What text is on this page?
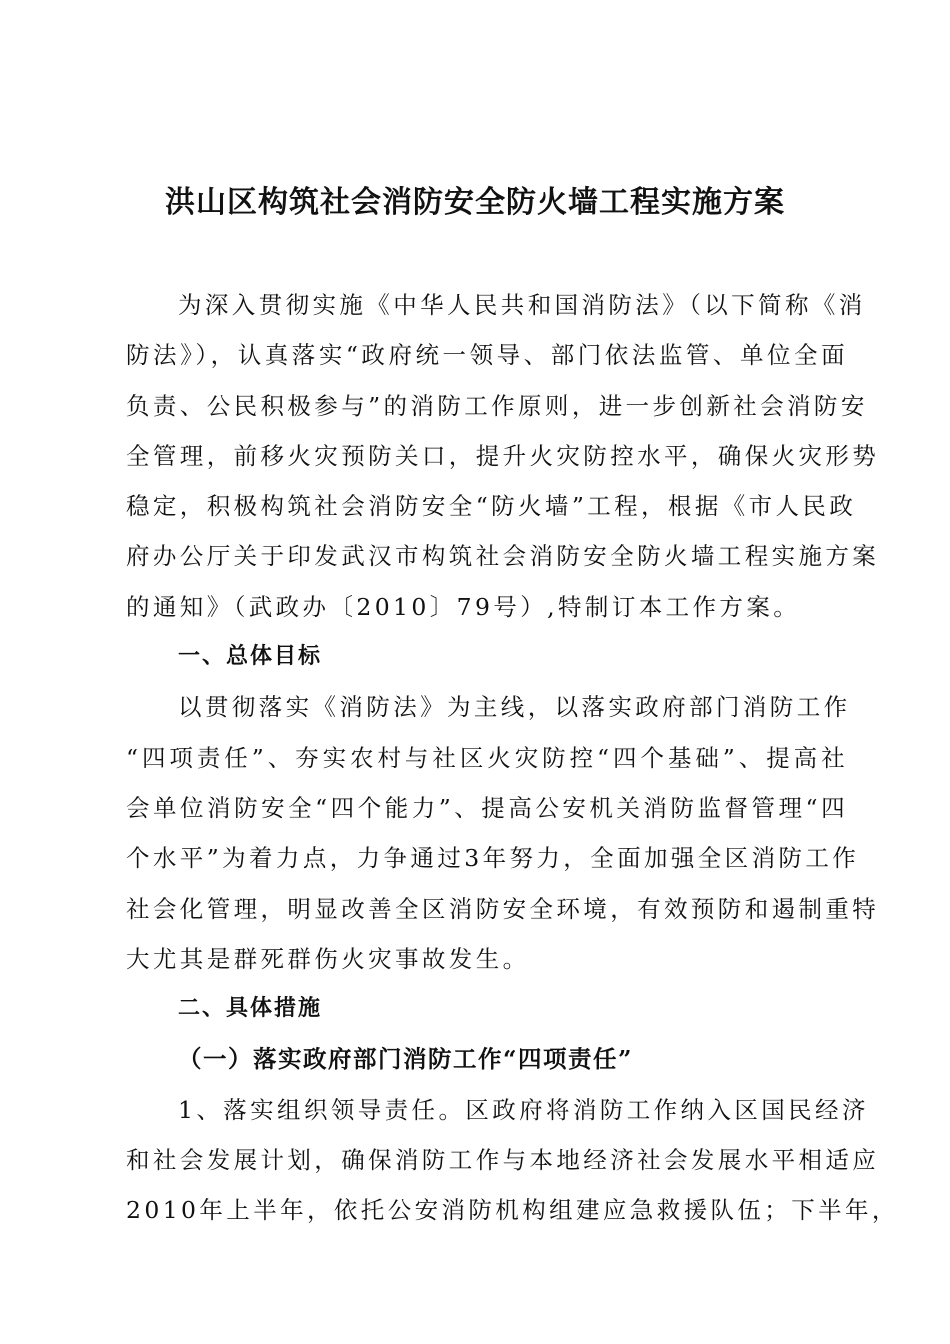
洪山区构筑社会消防安全防火墙工程实施方案
为深入贯彻实施《中华人民共和国消防法》（以下简称《消
防法》），认真落实“政府统一领导、部门依法监管、单位全面
负责、公民积极参与”的消防工作原则，进一步创新社会消防安
全管理，前移火灾预防关口，提升火灾防控水平，确保火灾形势
稳定，积极构筑社会消防安全“防火墙”工程，根据《市人民政
府办公厅关于印发武汉市构筑社会消防安全防火墙工程实施方案
的通知》（武政办〔2010〕79号）,特制订本工作方案。
一、总体目标
以贯彻落实《消防法》为主线，以落实政府部门消防工作
“四项责任”、夯实农村与社区火灾防控“四个基础”、提高社
会单位消防安全“四个能力”、提高公安机关消防监督管理“四
个水平”为着力点，力争通过3年努力，全面加强全区消防工作
社会化管理，明显改善全区消防安全环境，有效预防和遏制重特
大尤其是群死群伤火灾事故发生。
二、具体措施
（一）落实政府部门消防工作“四项责任”
1、落实组织领导责任。区政府将消防工作纳入区国民经济
和社会发展计划，确保消防工作与本地经济社会发展水平相适应
2010年上半年，依托公安消防机构组建应急救援队伍；下半年，
